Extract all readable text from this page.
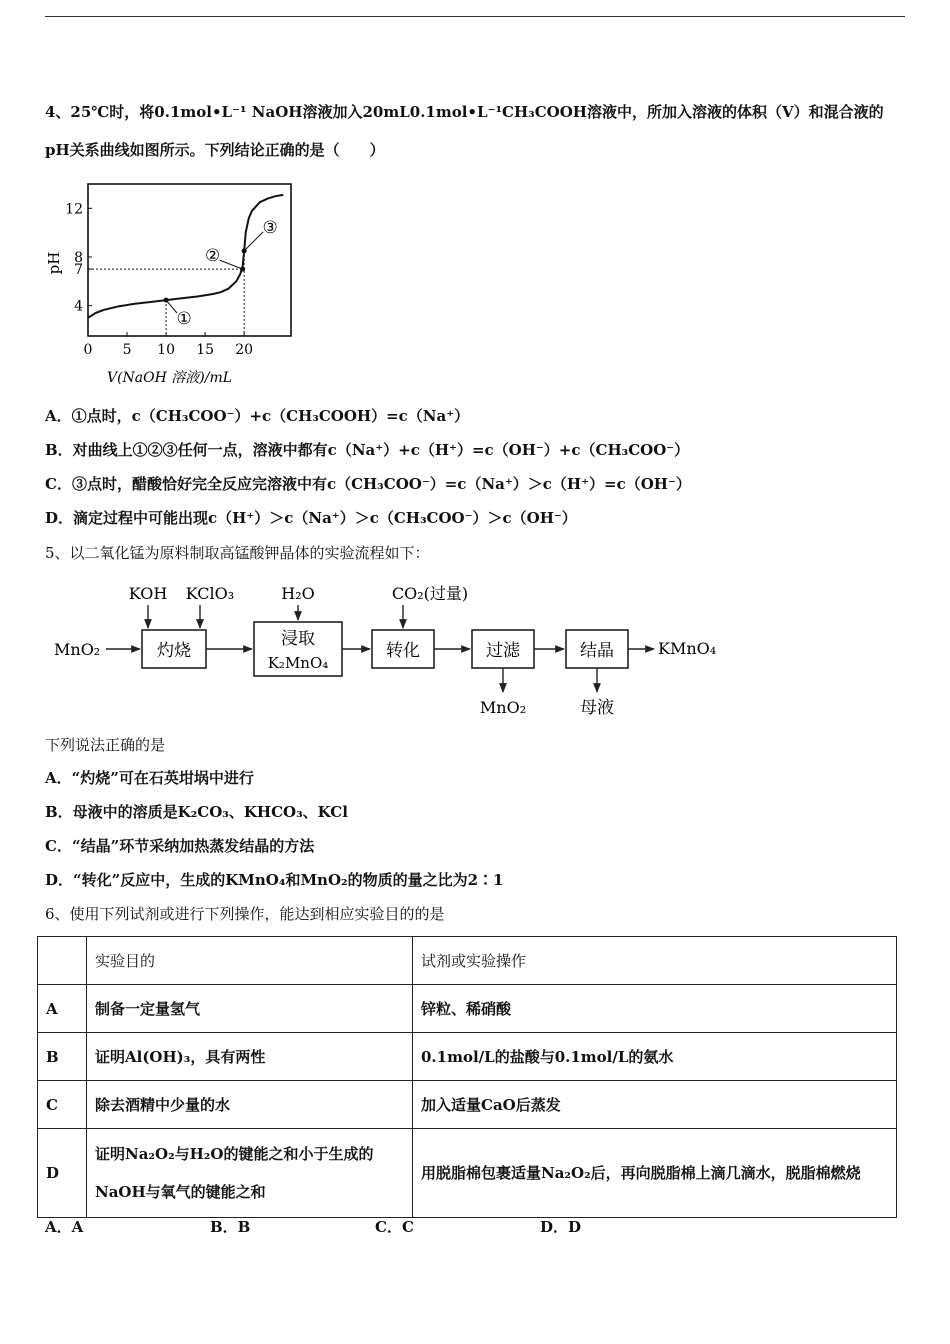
4、25℃时，将0.1mol•L⁻¹ NaOH溶液加入20mL0.1mol•L⁻¹CH₃COOH溶液中，所加入溶液的体积（V）和混合液的
pH关系曲线如图所示。下列结论正确的是（　　）
0 5 10 15 20
4
7
8
12
①
②
③
pH
V(NaOH 溶液)/mL
A．①点时，c（CH₃COO⁻）+c（CH₃COOH）=c（Na⁺）
B．对曲线上①②③任何一点，溶液中都有c（Na⁺）+c（H⁺）=c（OH⁻）+c（CH₃COO⁻）
C．③点时，醋酸恰好完全反应完溶液中有c（CH₃COO⁻）=c（Na⁺）＞c（H⁺）=c（OH⁻）
D．滴定过程中可能出现c（H⁺）＞c（Na⁺）＞c（CH₃COO⁻）＞c（OH⁻）
5、以二氧化锰为原料制取高锰酸钾晶体的实验流程如下：
MnO₂
KOH KClO₃	H₂O	CO₂(过量)
灼烧
浸取
K₂MnO₄
转化	过滤	结晶
MnO₂	母液
KMnO₄
下列说法正确的是
A．“灼烧”可在石英坩埚中进行
B．母液中的溶质是K₂CO₃、KHCO₃、KCl
C．“结晶”环节采纳加热蒸发结晶的方法
D．“转化”反应中，生成的KMnO₄和MnO₂的物质的量之比为2∶1
6、使用下列试剂或进行下列操作，能达到相应实验目的的是
	实验目的	试剂或实验操作
A	制备一定量氢气	锌粒、稀硝酸
B	证明Al(OH)₃，具有两性	0.1mol/L的盐酸与0.1mol/L的氨水
C	除去酒精中少量的水	加入适量CaO后蒸发
D	证明Na₂O₂与H₂O的键能之和小于生成的NaOH与氧气的键能之和	用脱脂棉包裹适量Na₂O₂后，再向脱脂棉上滴几滴水，脱脂棉燃烧
A．A	B．B	C．C	D．D
